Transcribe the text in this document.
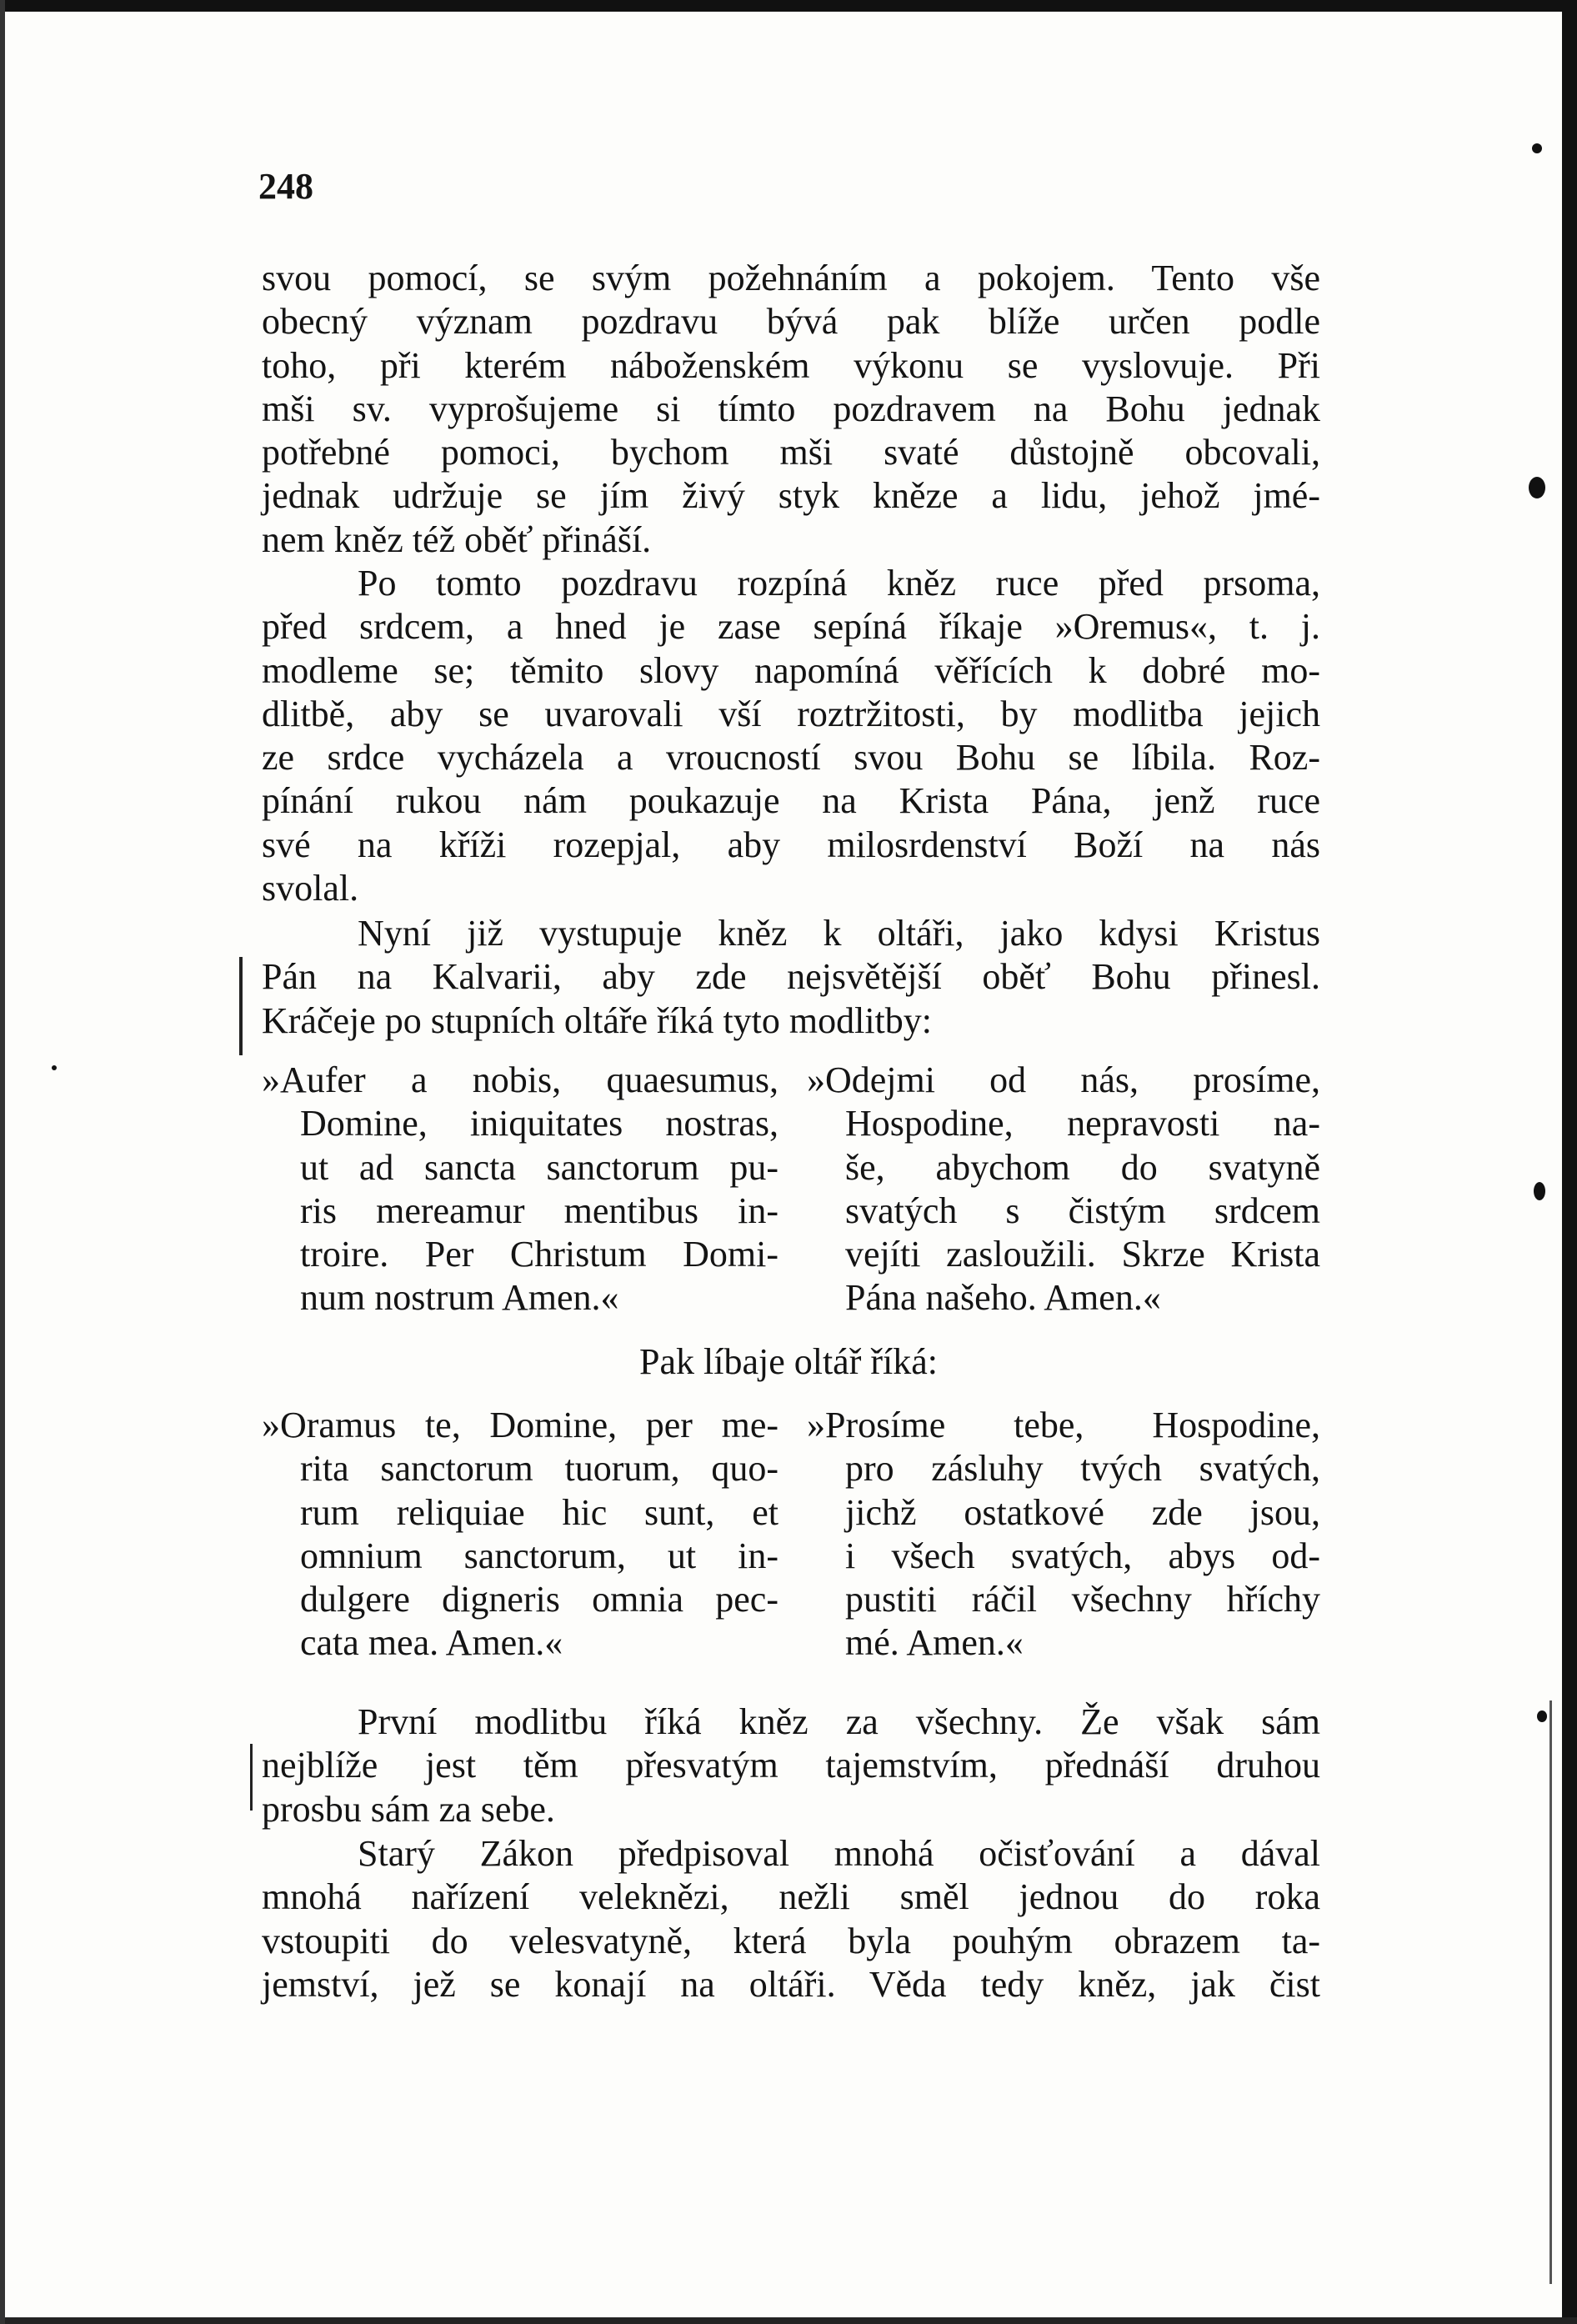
248
svou pomocí, se svým požehnáním a pokojem. Tento vše
obecný význam pozdravu bývá pak blíže určen podle
toho, při kterém náboženském výkonu se vyslovuje. Při
mši sv. vyprošujeme si tímto pozdravem na Bohu jednak
potřebné pomoci, bychom mši svaté důstojně obcovali,
jednak udržuje se jím živý styk kněze a lidu, jehož jmé-
nem kněz též oběť přináší.
Po tomto pozdravu rozpíná kněz ruce před prsoma,
před srdcem, a hned je zase sepíná říkaje »Oremus«, t. j.
modleme se; těmito slovy napomíná věřících k dobré mo-
dlitbě, aby se uvarovali vší roztržitosti, by modlitba jejich
ze srdce vycházela a vroucností svou Bohu se líbila. Roz-
pínání rukou nám poukazuje na Krista Pána, jenž ruce
své na kříži rozepjal, aby milosrdenství Boží na nás
svolal.
Nyní již vystupuje kněz k oltáři, jako kdysi Kristus
Pán na Kalvarii, aby zde nejsvětější oběť Bohu přinesl.
Kráčeje po stupních oltáře říká tyto modlitby:
»Aufer a nobis, quaesumus,
Domine, iniquitates nostras,
ut ad sancta sanctorum pu-
ris mereamur mentibus in-
troire. Per Christum Domi-
num nostrum Amen.«
»Odejmi od nás, prosíme,
Hospodine, nepravosti na-
še, abychom do svatyně
svatých s čistým srdcem
vejíti zasloužili. Skrze Krista
Pána našeho. Amen.«
Pak líbaje oltář říká:
»Oramus te, Domine, per me-
rita sanctorum tuorum, quo-
rum reliquiae hic sunt, et
omnium sanctorum, ut in-
dulgere digneris omnia pec-
cata mea. Amen.«
»Prosíme tebe, Hospodine,
pro zásluhy tvých svatých,
jichž ostatkové zde jsou,
i všech svatých, abys od-
pustiti ráčil všechny hříchy
mé. Amen.«
První modlitbu říká kněz za všechny. Že však sám
nejblíže jest těm přesvatým tajemstvím, přednáší druhou
prosbu sám za sebe.
Starý Zákon předpisoval mnohá očisťování a dával
mnohá nařízení veleknězi, nežli směl jednou do roka
vstoupiti do velesvatyně, která byla pouhým obrazem ta-
jemství, jež se konají na oltáři. Věda tedy kněz, jak čist
